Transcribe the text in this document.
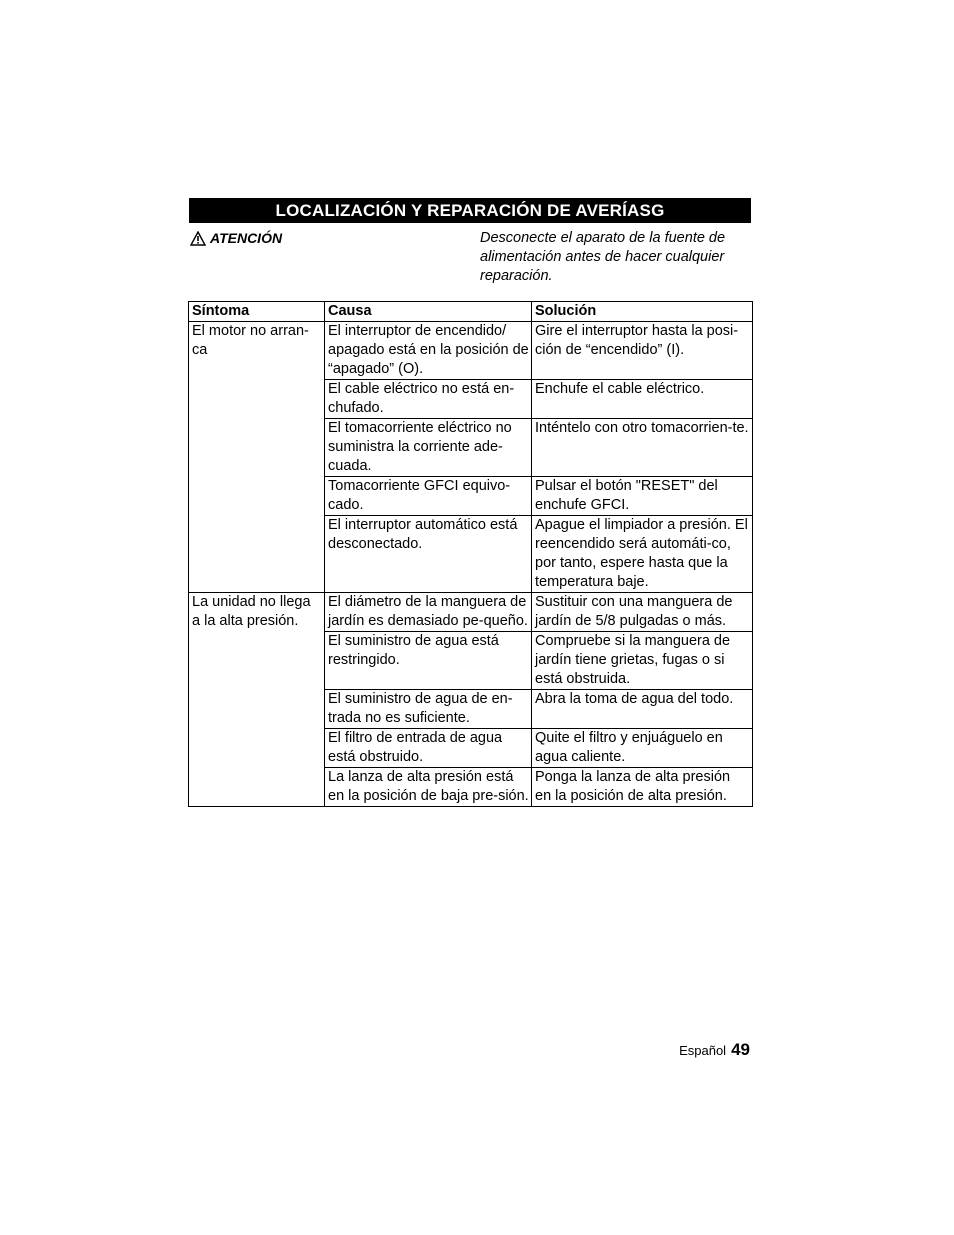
LOCALIZACIÓN Y REPARACIÓN DE AVERÍASG
ATENCIÓN	Desconecte el aparato de la fuente de alimentación antes de hacer cualquier reparación.
Síntoma	Causa	Solución
El motor no arran-ca	El interruptor de encendido/ apagado está en la posición de “apagado” (O).	Gire el interruptor hasta la posi-ción de “encendido” (I).
	El cable eléctrico no está en-chufado.	Enchufe el cable eléctrico.
	El tomacorriente eléctrico no suministra la corriente ade-cuada.	Inténtelo con otro tomacorrien-te.
	Tomacorriente GFCI equivo-cado.	Pulsar el botón "RESET" del enchufe GFCI.
	El interruptor automático está desconectado.	Apague el limpiador a presión. El reencendido será automáti-co, por tanto, espere hasta que la temperatura baje.
La unidad no llega a la alta presión.	El diámetro de la manguera de jardín es demasiado pe-queño.	Sustituir con una manguera de jardín de 5/8 pulgadas o más.
	El suministro de agua está restringido.	Compruebe si la manguera de jardín tiene grietas, fugas o si está obstruida.
	El suministro de agua de en-trada no es suficiente.	Abra la toma de agua del todo.
	El filtro de entrada de agua está obstruido.	Quite el filtro y enjuáguelo en agua caliente.
	La lanza de alta presión está en la posición de baja pre-sión.	Ponga la lanza de alta presión en la posición de alta presión.
Español 49
